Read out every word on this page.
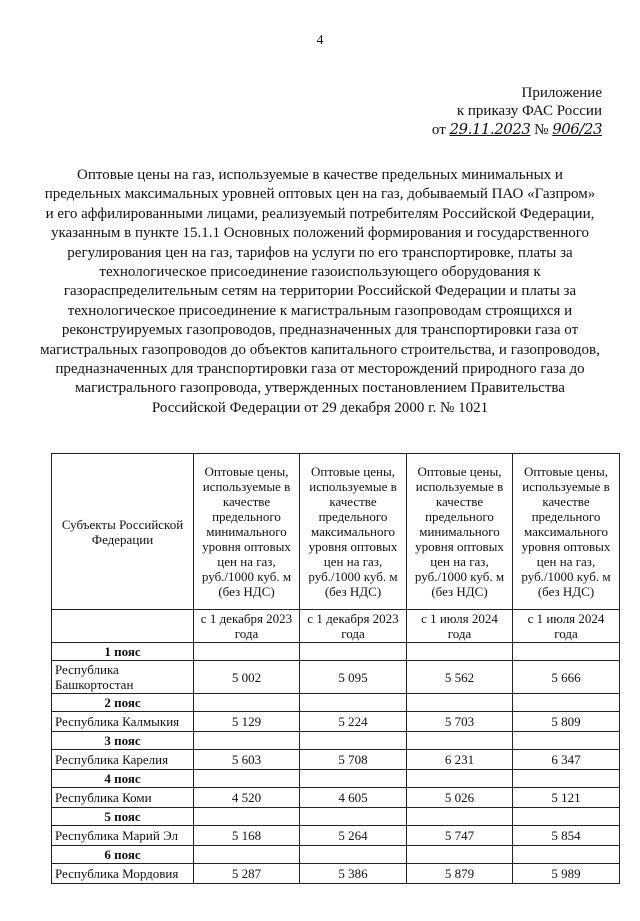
4
Приложение
к приказу ФАС России
от 29.11.2023 № 906/23
Оптовые цены на газ, используемые в качестве предельных минимальных и предельных максимальных уровней оптовых цен на газ, добываемый ПАО «Газпром» и его аффилированными лицами, реализуемый потребителям Российской Федерации, указанным в пункте 15.1.1 Основных положений формирования и государственного регулирования цен на газ, тарифов на услуги по его транспортировке, платы за технологическое присоединение газоиспользующего оборудования к газораспределительным сетям на территории Российской Федерации и платы за технологическое присоединение к магистральным газопроводам строящихся и реконструируемых газопроводов, предназначенных для транспортировки газа от магистральных газопроводов до объектов капитального строительства, и газопроводов, предназначенных для транспортировки газа от месторождений природного газа до магистрального газопровода, утвержденных постановлением Правительства Российской Федерации от 29 декабря 2000 г. № 1021
Субъекты Российской Федерации	Оптовые цены, используемые в качестве предельного минимального уровня оптовых цен на газ, руб./1000 куб. м (без НДС)	Оптовые цены, используемые в качестве предельного максимального уровня оптовых цен на газ, руб./1000 куб. м (без НДС)	Оптовые цены, используемые в качестве предельного минимального уровня оптовых цен на газ, руб./1000 куб. м (без НДС)	Оптовые цены, используемые в качестве предельного максимального уровня оптовых цен на газ, руб./1000 куб. м (без НДС)
	с 1 декабря 2023 года	с 1 декабря 2023 года	с 1 июля 2024 года	с 1 июля 2024 года
1 пояс				
Республика Башкортостан	5 002	5 095	5 562	5 666
2 пояс				
Республика Калмыкия	5 129	5 224	5 703	5 809
3 пояс				
Республика Карелия	5 603	5 708	6 231	6 347
4 пояс				
Республика Коми	4 520	4 605	5 026	5 121
5 пояс				
Республика Марий Эл	5 168	5 264	5 747	5 854
6 пояс				
Республика Мордовия	5 287	5 386	5 879	5 989
